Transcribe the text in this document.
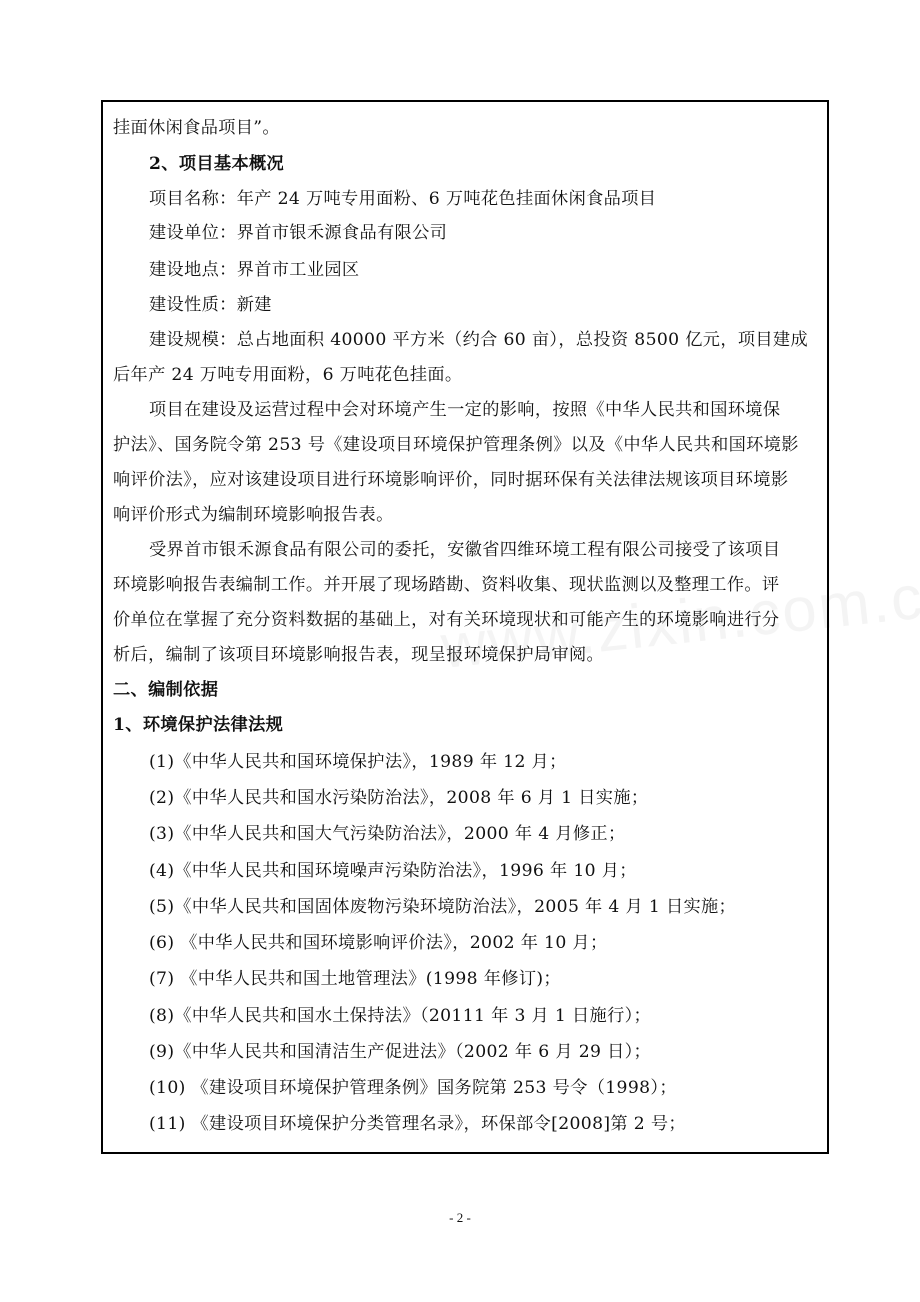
挂面休闲食品项目”。
2、项目基本概况
项目名称：年产 24 万吨专用面粉、6 万吨花色挂面休闲食品项目
建设单位：界首市银禾源食品有限公司
建设地点：界首市工业园区
建设性质：新建
建设规模：总占地面积 40000 平方米（约合 60 亩），总投资 8500 亿元，项目建成
后年产 24 万吨专用面粉，6 万吨花色挂面。
项目在建设及运营过程中会对环境产生一定的影响，按照《中华人民共和国环境保
护法》、国务院令第 253 号《建设项目环境保护管理条例》以及《中华人民共和国环境影
响评价法》，应对该建设项目进行环境影响评价，同时据环保有关法律法规该项目环境影
响评价形式为编制环境影响报告表。
受界首市银禾源食品有限公司的委托，安徽省四维环境工程有限公司接受了该项目
环境影响报告表编制工作。并开展了现场踏勘、资料收集、现状监测以及整理工作。评
价单位在掌握了充分资料数据的基础上，对有关环境现状和可能产生的环境影响进行分
析后，编制了该项目环境影响报告表，现呈报环境保护局审阅。
二、编制依据
1、环境保护法律法规
(1)《中华人民共和国环境保护法》，1989 年 12 月；
(2)《中华人民共和国水污染防治法》，2008 年 6 月 1 日实施；
(3)《中华人民共和国大气污染防治法》，2000 年 4 月修正；
(4)《中华人民共和国环境噪声污染防治法》，1996 年 10 月；
(5)《中华人民共和国固体废物污染环境防治法》，2005 年 4 月 1 日实施；
(6) 《中华人民共和国环境影响评价法》，2002 年 10 月；
(7) 《中华人民共和国土地管理法》(1998 年修订)；
(8)《中华人民共和国水土保持法》（20111 年 3 月 1 日施行）；
(9)《中华人民共和国清洁生产促进法》（2002 年 6 月 29 日）；
(10) 《建设项目环境保护管理条例》国务院第 253 号令（1998）；
(11) 《建设项目环境保护分类管理名录》，环保部令[2008]第 2 号；
- 2 -
